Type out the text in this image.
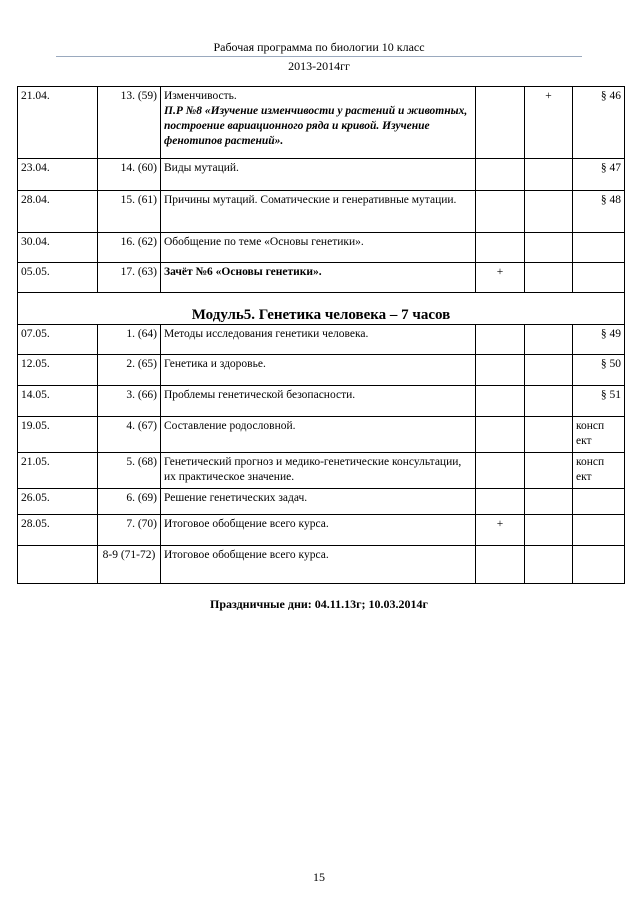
Рабочая программа по биологии 10 класс
2013-2014гг
21.04.	13. (59)	Изменчивость.
П.Р №8 «Изучение изменчивости у растений и животных, построение вариационного ряда и кривой. Изучение фенотипов растений».		+	§ 46
23.04.	14. (60)	Виды мутаций.			§ 47
28.04.	15. (61)	Причины мутаций. Соматические и генеративные мутации.			§ 48
30.04.	16. (62)	Обобщение по теме «Основы генетики».			
05.05.	17. (63)	Зачёт №6 «Основы генетики».	+		
Модуль5. Генетика человека – 7 часов					
07.05.	1. (64)	Методы исследования генетики человека.			§ 49
12.05.	2. (65)	Генетика и здоровье.			§ 50
14.05.	3. (66)	Проблемы генетической безопасности.			§ 51
19.05.	4. (67)	Составление родословной.			консп ект
21.05.	5. (68)	Генетический прогноз и медико-генетические консультации, их практическое значение.			консп ект
26.05.	6. (69)	Решение генетических задач.			
28.05.	7. (70)	Итоговое обобщение всего курса.	+		
	8-9 (71-72)	Итоговое обобщение всего курса.			
Праздничные дни: 04.11.13г; 10.03.2014г
15
